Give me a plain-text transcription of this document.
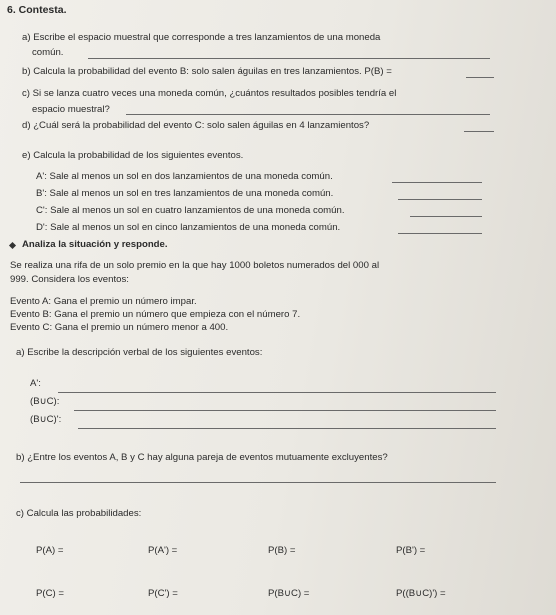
6. Contesta.
a) Escribe el espacio muestral que corresponde a tres lanzamientos de una moneda
común.
b) Calcula la probabilidad del evento B: solo salen águilas en tres lanzamientos. P(B) =
c) Si se lanza cuatro veces una moneda común, ¿cuántos resultados posibles tendría el
espacio muestral?
d) ¿Cuál será la probabilidad del evento C: solo salen águilas en 4 lanzamientos?
e) Calcula la probabilidad de los siguientes eventos.
A': Sale al menos un sol en dos lanzamientos de una moneda común.
B': Sale al menos un sol en tres lanzamientos de una moneda común.
C': Sale al menos un sol en cuatro lanzamientos de una moneda común.
D': Sale al menos un sol en cinco lanzamientos de una moneda común.
Analiza la situación y responde.
Se realiza una rifa de un solo premio en la que hay 1000 boletos numerados del 000 al
999. Considera los eventos:
Evento A: Gana el premio un número impar.
Evento B: Gana el premio un número que empieza con el número 7.
Evento C: Gana el premio un número menor a 400.
a) Escribe la descripción verbal de los siguientes eventos:
A':
(B∪C):
(B∪C)':
b) ¿Entre los eventos A, B y C hay alguna pareja de eventos mutuamente excluyentes?
c) Calcula las probabilidades:
P(A) =	P(A') =	P(B) =	P(B') =
P(C) =	P(C') =	P(B∪C) =	P((B∪C)') =
